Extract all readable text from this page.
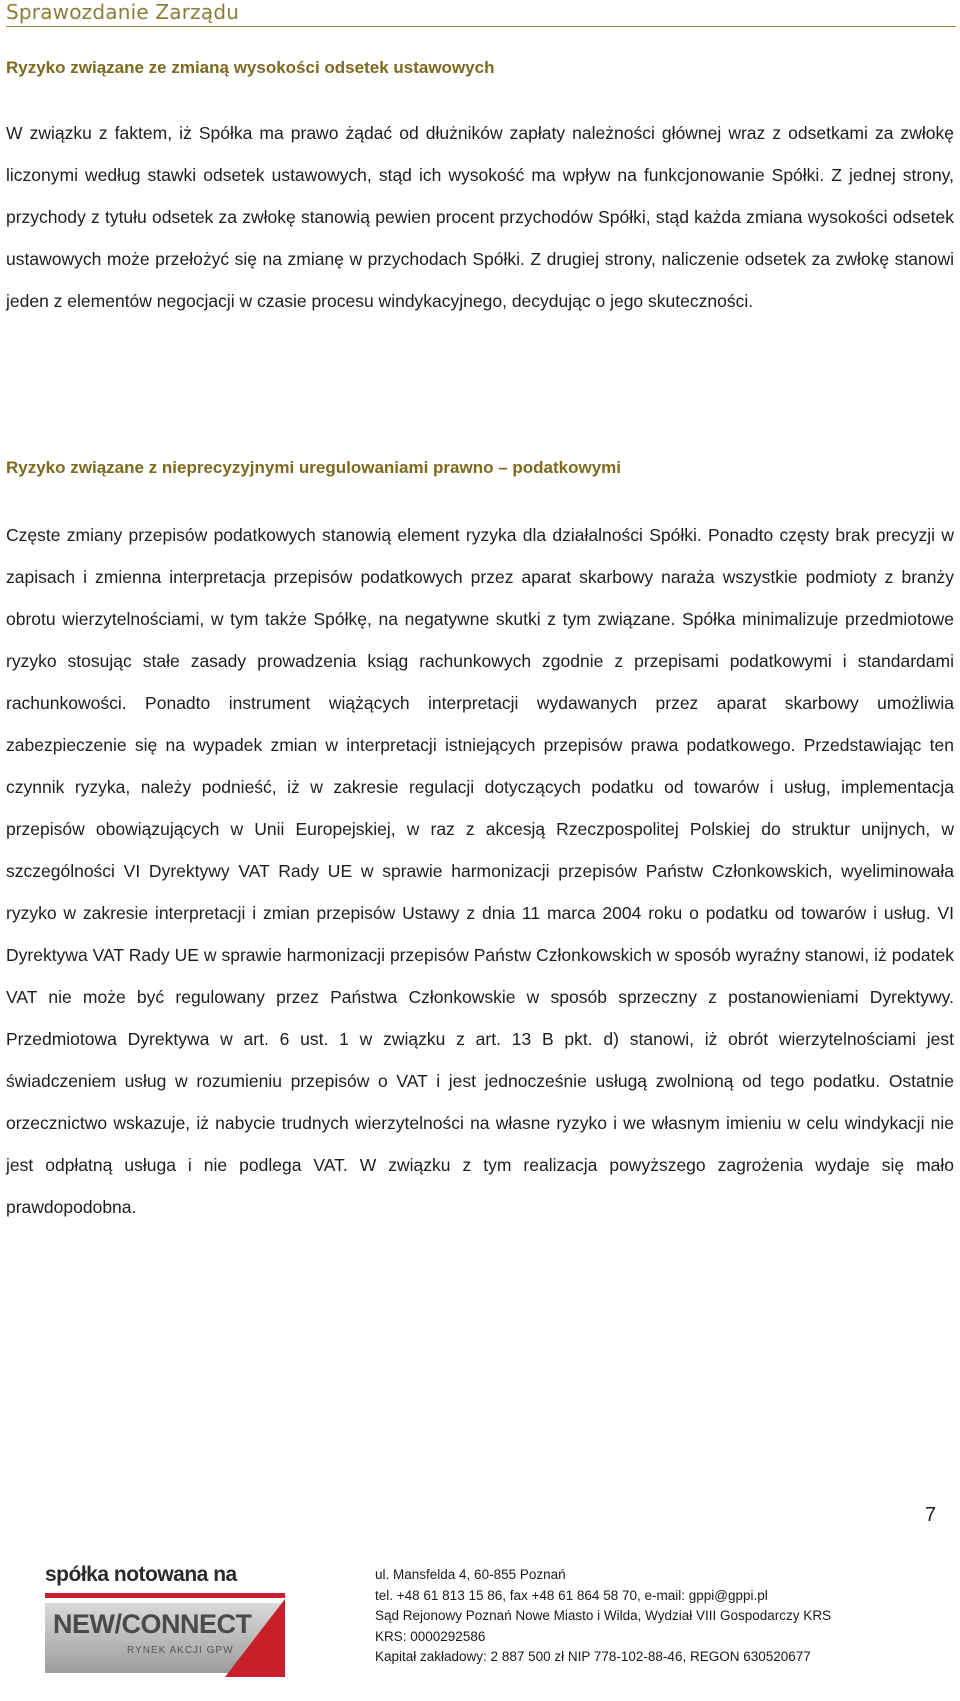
Sprawozdanie Zarządu
Ryzyko związane ze zmianą wysokości odsetek ustawowych
W związku z faktem, iż Spółka ma prawo żądać od dłużników zapłaty należności głównej wraz z odsetkami za zwłokę liczonymi według stawki odsetek ustawowych, stąd ich wysokość ma wpływ na funkcjonowanie Spółki. Z jednej strony, przychody z tytułu odsetek za zwłokę stanowią pewien procent przychodów Spółki, stąd każda zmiana wysokości odsetek ustawowych może przełożyć się na zmianę w przychodach Spółki. Z drugiej strony, naliczenie odsetek za zwłokę stanowi jeden z elementów negocjacji w czasie procesu windykacyjnego, decydując o jego skuteczności.
Ryzyko związane z nieprecyzyjnymi uregulowaniami prawno – podatkowymi
Częste zmiany przepisów podatkowych stanowią element ryzyka dla działalności Spółki. Ponadto częsty brak precyzji w zapisach i zmienna interpretacja przepisów podatkowych przez aparat skarbowy naraża wszystkie podmioty z branży obrotu wierzytelnościami, w tym także Spółkę, na negatywne skutki z tym związane. Spółka minimalizuje przedmiotowe ryzyko stosując stałe zasady prowadzenia ksiąg rachunkowych zgodnie z przepisami podatkowymi i standardami rachunkowości. Ponadto instrument wiążących interpretacji wydawanych przez aparat skarbowy umożliwia zabezpieczenie się na wypadek zmian w interpretacji istniejących przepisów prawa podatkowego. Przedstawiając ten czynnik ryzyka, należy podnieść, iż w zakresie regulacji dotyczących podatku od towarów i usług, implementacja przepisów obowiązujących w Unii Europejskiej, w raz z akcesją Rzeczpospolitej Polskiej do struktur unijnych, w szczególności VI Dyrektywy VAT Rady UE w sprawie harmonizacji przepisów Państw Członkowskich, wyeliminowała ryzyko w zakresie interpretacji i zmian przepisów Ustawy z dnia 11 marca 2004 roku o podatku od towarów i usług. VI Dyrektywa VAT Rady UE w sprawie harmonizacji przepisów Państw Członkowskich w sposób wyraźny stanowi, iż podatek VAT nie może być regulowany przez Państwa Członkowskie w sposób sprzeczny z postanowieniami Dyrektywy. Przedmiotowa Dyrektywa w art. 6 ust. 1 w związku z art. 13 B pkt. d) stanowi, iż obrót wierzytelnościami jest świadczeniem usług w rozumieniu przepisów o VAT i jest jednocześnie usługą zwolnioną od tego podatku. Ostatnie orzecznictwo wskazuje, iż nabycie trudnych wierzytelności na własne ryzyko i we własnym imieniu w celu windykacji nie jest odpłatną usługa i nie podlega VAT. W związku z tym realizacja powyższego zagrożenia wydaje się mało prawdopodobna.
7
spółka notowana na
NEW/CONNECT
RYNEK AKCJI GPW
ul. Mansfelda 4, 60-855 Poznań
tel. +48 61 813 15 86, fax +48 61 864 58 70, e-mail: gppi@gppi.pl
Sąd Rejonowy Poznań Nowe Miasto i Wilda, Wydział VIII Gospodarczy KRS
KRS: 0000292586
Kapitał zakładowy: 2 887 500 zł NIP 778-102-88-46, REGON 630520677
